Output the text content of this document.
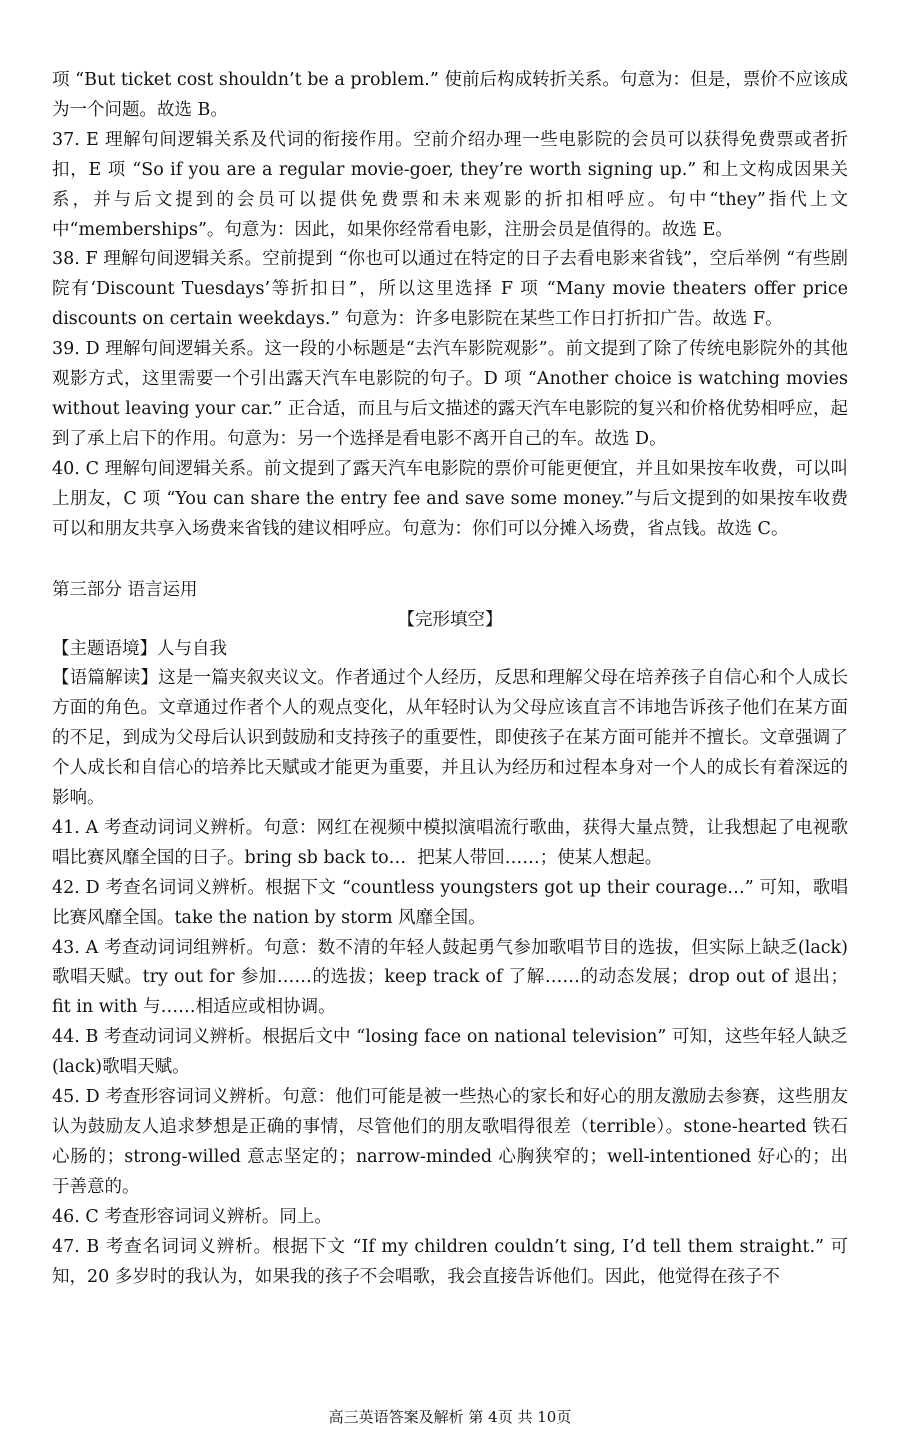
项 “But ticket cost shouldn’t be a problem.” 使前后构成转折关系。句意为：但是，票价不应该成为一个问题。故选 B。

37. E 理解句间逻辑关系及代词的衔接作用。空前介绍办理一些电影院的会员可以获得免费票或者折扣，E 项 “So if you are a regular movie-goer, they’re worth signing up.” 和上文构成因果关系，并与后文提到的会员可以提供免费票和未来观影的折扣相呼应。句中“they”指代上文中“memberships”。句意为：因此，如果你经常看电影，注册会员是值得的。故选 E。

38. F 理解句间逻辑关系。空前提到 “你也可以通过在特定的日子去看电影来省钱”，空后举例 “有些剧院有‘Discount Tuesdays’等折扣日”，所以这里选择 F 项 “Many movie theaters offer price discounts on certain weekdays.” 句意为：许多电影院在某些工作日打折扣广告。故选 F。

39. D 理解句间逻辑关系。这一段的小标题是“去汽车影院观影”。前文提到了除了传统电影院外的其他观影方式，这里需要一个引出露天汽车电影院的句子。D 项 “Another choice is watching movies without leaving your car.” 正合适，而且与后文描述的露天汽车电影院的复兴和价格优势相呼应，起到了承上启下的作用。句意为：另一个选择是看电影不离开自己的车。故选 D。

40. C 理解句间逻辑关系。前文提到了露天汽车电影院的票价可能更便宜，并且如果按车收费，可以叫上朋友，C 项 “You can share the entry fee and save some money.”与后文提到的如果按车收费可以和朋友共享入场费来省钱的建议相呼应。句意为：你们可以分摊入场费，省点钱。故选 C。

第三部分 语言运用

【完形填空】

【主题语境】人与自我

【语篇解读】这是一篇夹叙夹议文。作者通过个人经历，反思和理解父母在培养孩子自信心和个人成长方面的角色。文章通过作者个人的观点变化，从年轻时认为父母应该直言不讳地告诉孩子他们在某方面的不足，到成为父母后认识到鼓励和支持孩子的重要性，即使孩子在某方面可能并不擅长。文章强调了个人成长和自信心的培养比天赋或才能更为重要，并且认为经历和过程本身对一个人的成长有着深远的影响。

41. A 考查动词词义辨析。句意：网红在视频中模拟演唱流行歌曲，获得大量点赞，让我想起了电视歌唱比赛风靡全国的日子。bring sb back to…  把某人带回……；使某人想起。

42. D 考查名词词义辨析。根据下文 “countless youngsters got up their courage…” 可知，歌唱比赛风靡全国。take the nation by storm 风靡全国。

43. A 考查动词词组辨析。句意：数不清的年轻人鼓起勇气参加歌唱节目的选拔，但实际上缺乏(lack)歌唱天赋。try out for 参加……的选拔；keep track of 了解……的动态发展；drop out of 退出；fit in with 与……相适应或相协调。

44. B 考查动词词义辨析。根据后文中 “losing face on national television” 可知，这些年轻人缺乏(lack)歌唱天赋。

45. D 考查形容词词义辨析。句意：他们可能是被一些热心的家长和好心的朋友激励去参赛，这些朋友认为鼓励友人追求梦想是正确的事情，尽管他们的朋友歌唱得很差（terrible）。stone-hearted 铁石心肠的；strong-willed 意志坚定的；narrow-minded 心胸狭窄的；well-intentioned 好心的；出于善意的。

46. C 考查形容词词义辨析。同上。

47. B 考查名词词义辨析。根据下文 “If my children couldn’t sing, I’d tell them straight.” 可知，20 多岁时的我认为，如果我的孩子不会唱歌，我会直接告诉他们。因此，他觉得在孩子不

高三英语答案及解析 第 4页 共 10页
